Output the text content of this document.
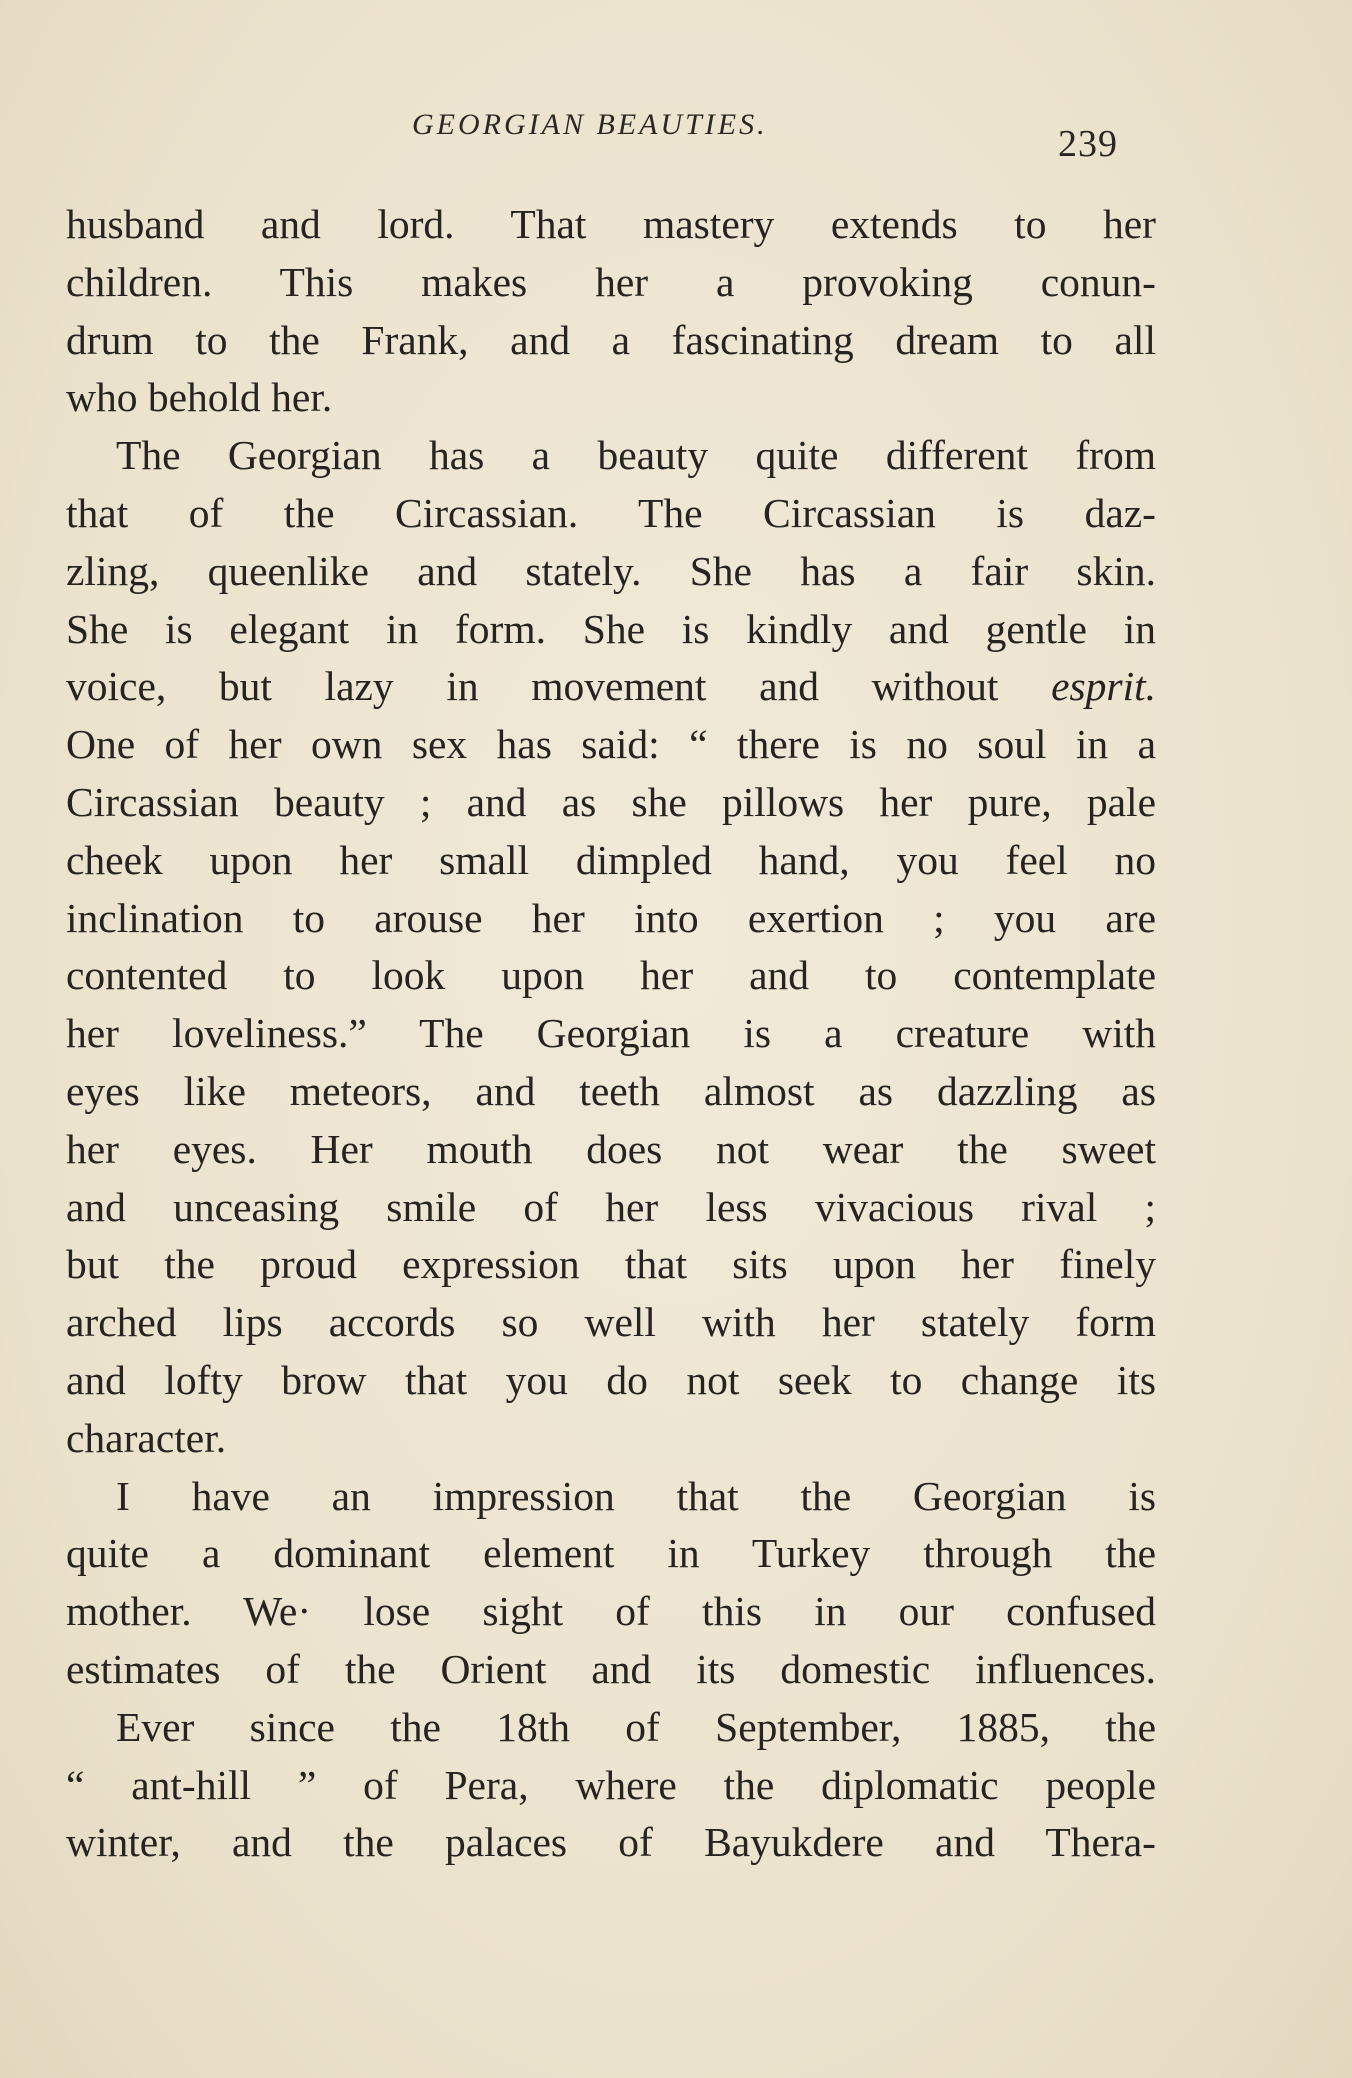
GEORGIAN BEAUTIES.	239
husband and lord. That mastery extends to her
children. This makes her a provoking conun-
drum to the Frank, and a fascinating dream to all
who behold her.
The Georgian has a beauty quite different from
that of the Circassian. The Circassian is daz-
zling, queenlike and stately. She has a fair skin.
She is elegant in form. She is kindly and gentle in
voice, but lazy in movement and without esprit.
One of her own sex has said: “ there is no soul in a
Circassian beauty ; and as she pillows her pure, pale
cheek upon her small dimpled hand, you feel no
inclination to arouse her into exertion ; you are
contented to look upon her and to contemplate
her loveliness.” The Georgian is a creature with
eyes like meteors, and teeth almost as dazzling as
her eyes. Her mouth does not wear the sweet
and unceasing smile of her less vivacious rival ;
but the proud expression that sits upon her finely
arched lips accords so well with her stately form
and lofty brow that you do not seek to change its
character.
I have an impression that the Georgian is
quite a dominant element in Turkey through the
mother. We· lose sight of this in our confused
estimates of the Orient and its domestic influences.
Ever since the 18th of September, 1885, the
“ ant-hill ” of Pera, where the diplomatic people
winter, and the palaces of Bayukdere and Thera-
